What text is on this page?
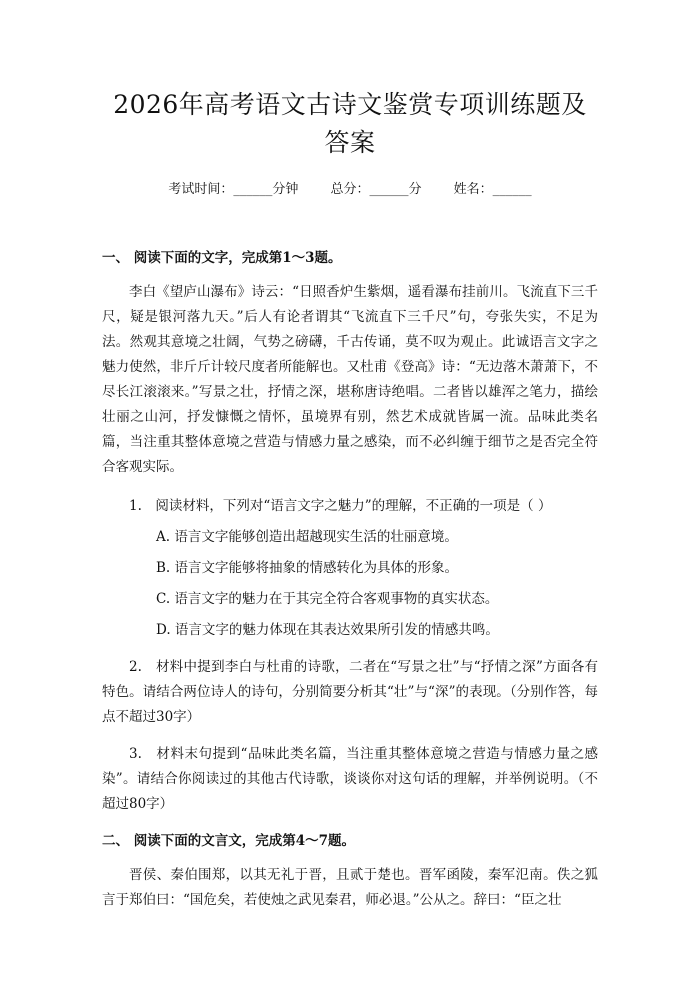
2026年高考语文古诗文鉴赏专项训练题及答案
考试时间：______分钟 总分：______分 姓名：______
一、 阅读下面的文字，完成第1～3题。

李白《望庐山瀑布》诗云：“日照香炉生紫烟，遥看瀑布挂前川。飞流直下三千尺，疑是银河落九天。”后人有论者谓其“飞流直下三千尺”句，夸张失实，不足为法。然观其意境之壮阔，气势之磅礴，千古传诵，莫不叹为观止。此诚语言文字之魅力使然，非斤斤计较尺度者所能解也。又杜甫《登高》诗：“无边落木萧萧下，不尽长江滚滚来。”写景之壮，抒情之深，堪称唐诗绝唱。二者皆以雄浑之笔力，描绘壮丽之山河，抒发慷慨之情怀，虽境界有别，然艺术成就皆属一流。品味此类名篇，当注重其整体意境之营造与情感力量之感染，而不必纠缠于细节之是否完全符合客观实际。

1.　阅读材料，下列对“语言文字之魅力”的理解，不正确的一项是（ ）

A. 语言文字能够创造出超越现实生活的壮丽意境。
B. 语言文字能够将抽象的情感转化为具体的形象。
C. 语言文字的魅力在于其完全符合客观事物的真实状态。
D. 语言文字的魅力体现在其表达效果所引发的情感共鸣。

2.　材料中提到李白与杜甫的诗歌，二者在“写景之壮”与“抒情之深”方面各有特色。请结合两位诗人的诗句，分别简要分析其“壮”与“深”的表现。（分别作答，每点不超过30字）

3.　材料末句提到“品味此类名篇，当注重其整体意境之营造与情感力量之感染”。请结合你阅读过的其他古代诗歌，谈谈你对这句话的理解，并举例说明。（不超过80字）

二、 阅读下面的文言文，完成第4～7题。

晋侯、秦伯围郑，以其无礼于晋，且贰于楚也。晋军函陵，秦军氾南。佚之狐言于郑伯曰：“国危矣，若使烛之武见秦君，师必退。”公从之。辞曰：“臣之壮
